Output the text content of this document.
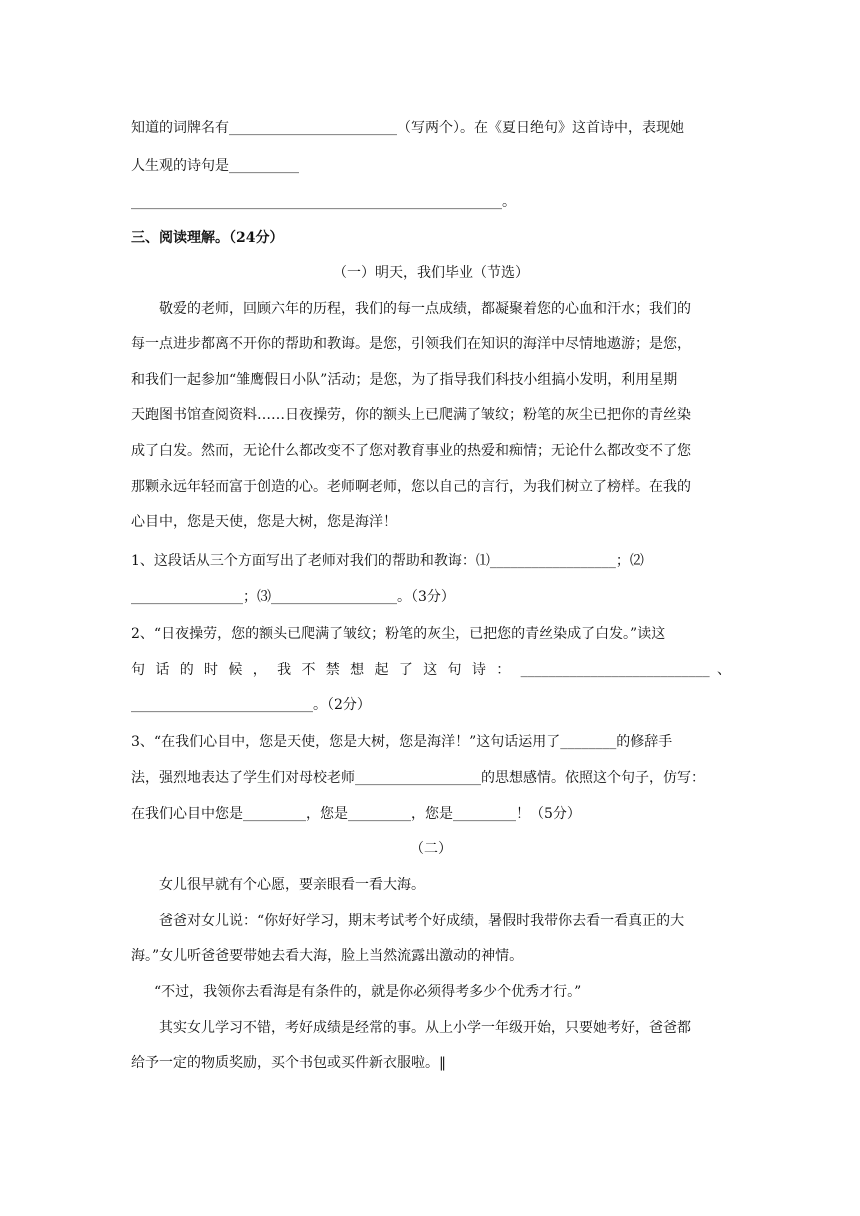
知道的词牌名有________________________（写两个）。在《夏日绝句》这首诗中，表现她
人生观的诗句是__________
_____________________________________________________。
三、阅读理解。（24分）
（一）明天，我们毕业（节选）
敬爱的老师，回顾六年的历程，我们的每一点成绩，都凝聚着您的心血和汗水；我们的
每一点进步都离不开你的帮助和教诲。是您，引领我们在知识的海洋中尽情地遨游；是您，
和我们一起参加“雏鹰假日小队”活动；是您，为了指导我们科技小组搞小发明，利用星期
天跑图书馆查阅资料……日夜操劳，你的额头上已爬满了皱纹；粉笔的灰尘已把你的青丝染
成了白发。然而，无论什么都改变不了您对教育事业的热爱和痴情；无论什么都改变不了您
那颗永远年轻而富于创造的心。老师啊老师，您以自己的言行，为我们树立了榜样。在我的
心目中，您是天使，您是大树，您是海洋！
1、这段话从三个方面写出了老师对我们的帮助和教诲：⑴__________________；⑵
________________；⑶__________________。（3分）
2、“日夜操劳，您的额头已爬满了皱纹；粉笔的灰尘，已把您的青丝染成了白发。”读这
句 话 的 时 候 ， 我 不 禁 想 起 了 这 句 诗 ： ___________________________ 、
__________________________。（2分）
3、“在我们心目中，您是天使，您是大树，您是海洋！”这句话运用了________的修辞手
法，强烈地表达了学生们对母校老师__________________的思想感情。依照这个句子，仿写：
在我们心目中您是_________，您是_________，您是_________！（5分）
（二）
女儿很早就有个心愿，要亲眼看一看大海。
爸爸对女儿说：“你好好学习，期末考试考个好成绩，暑假时我带你去看一看真正的大
海。”女儿听爸爸要带她去看大海，脸上当然流露出激动的神情。
“不过，我领你去看海是有条件的，就是你必须得考多少个优秀才行。”
其实女儿学习不错，考好成绩是经常的事。从上小学一年级开始，只要她考好，爸爸都
给予一定的物质奖励，买个书包或买件新衣服啦。‖
